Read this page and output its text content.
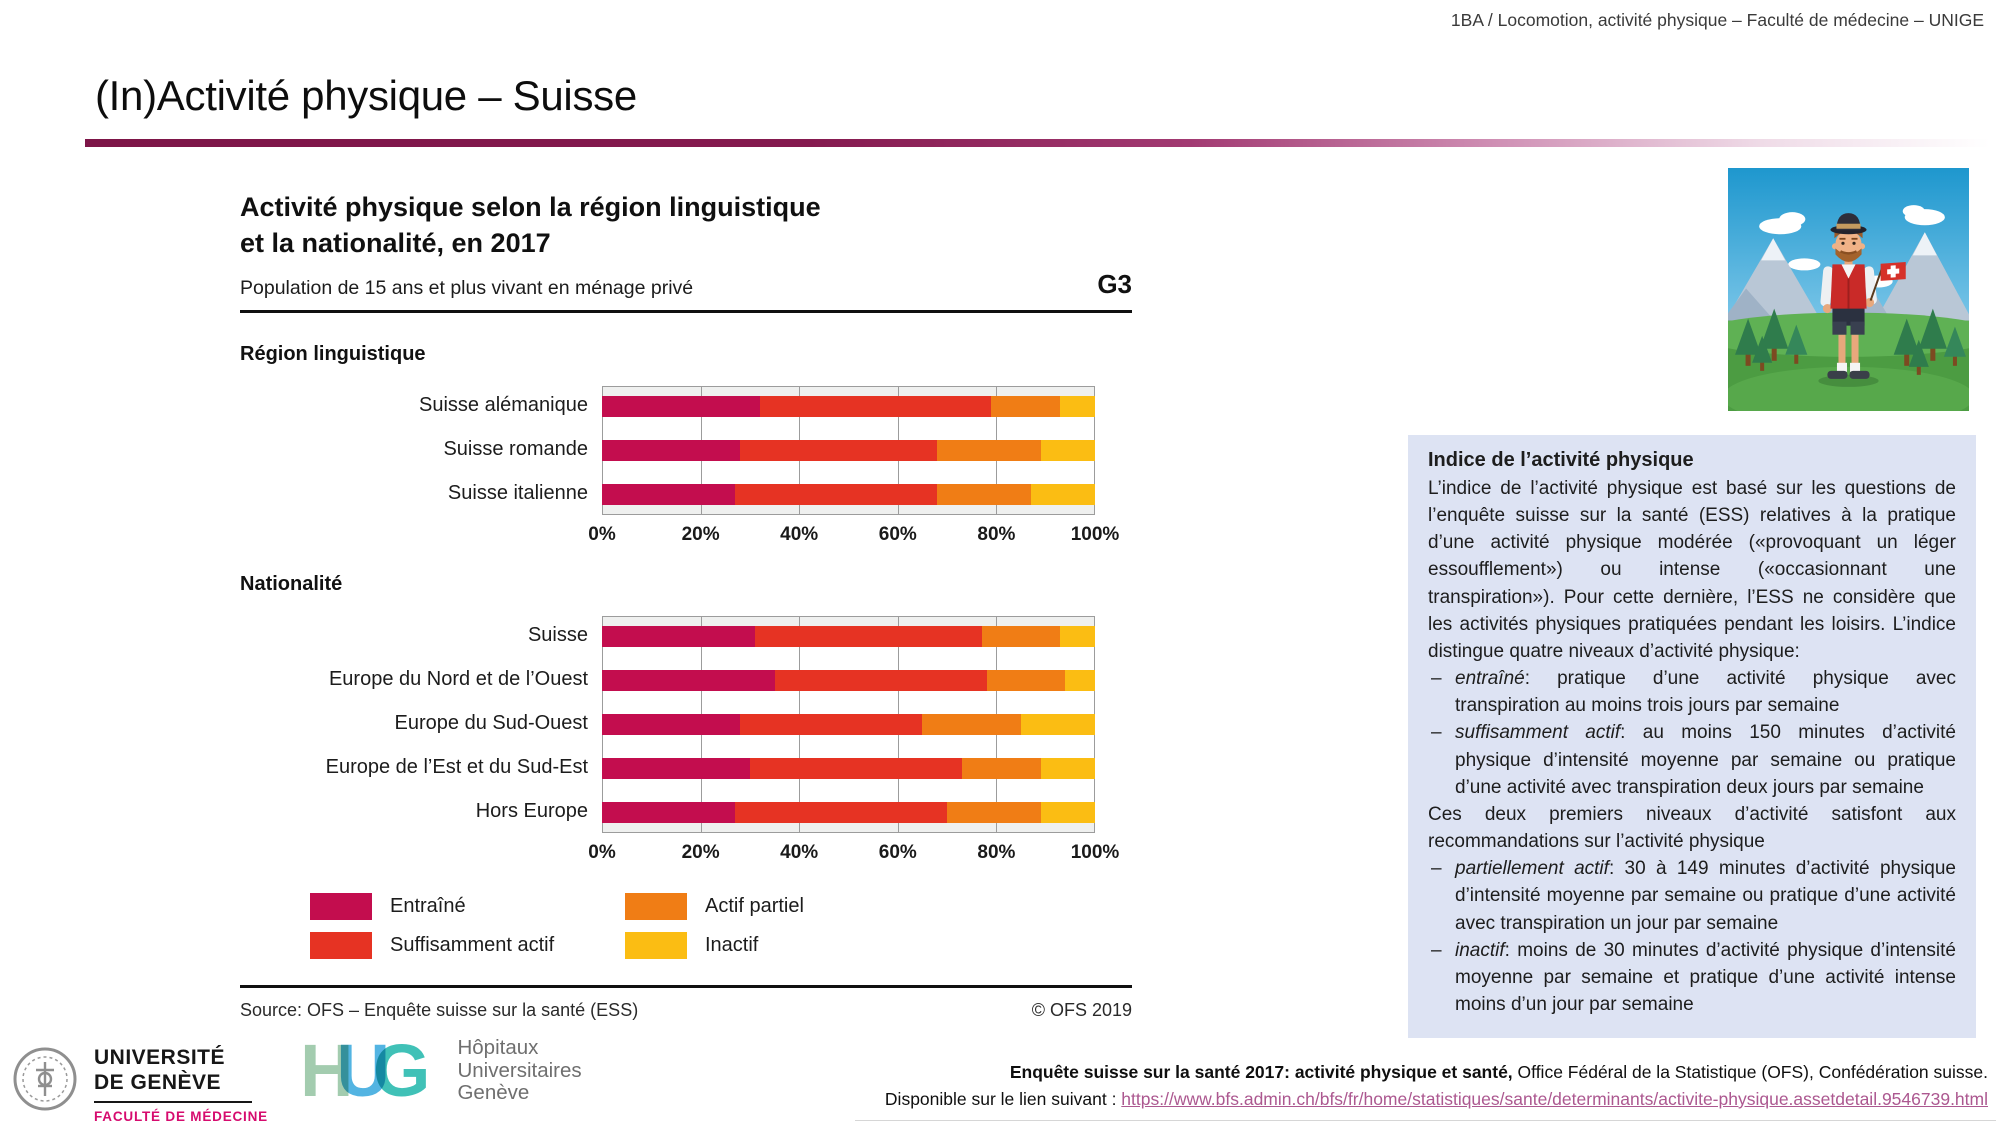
1BA / Locomotion, activité physique – Faculté de médecine – UNIGE
(In)Activité physique – Suisse
Activité physique selon la région linguistique
et la nationalité, en 2017
Population de 15 ans et plus vivant en ménage privé	G3
Région linguistique
Suisse alémanique
Suisse romande
Suisse italienne
0%	20%	40%	60%	80%	100%
Nationalité
Suisse
Europe du Nord et de l’Ouest
Europe du Sud-Ouest
Europe de l’Est et du Sud-Est
Hors Europe
0%	20%	40%	60%	80%	100%
Entraîné
Suffisamment actif
Actif partiel
Inactif
Source: OFS – Enquête suisse sur la santé (ESS)	© OFS 2019
Indice de l’activité physique
L’indice de l’activité physique est basé sur les questions de l’enquête suisse sur la santé (ESS) relatives à la pratique d’une activité physique modérée («provoquant un léger essoufflement») ou intense («occasionnant une transpiration»). Pour cette dernière, l’ESS ne considère que les activités physiques pratiquées pendant les loisirs. L’indice distingue quatre niveaux d’activité physique:
– entraîné: pratique d’une activité physique avec transpiration au moins trois jours par semaine
– suffisamment actif: au moins 150 minutes d’activité physique d’intensité moyenne par semaine ou pratique d’une activité avec transpiration deux jours par semaine
Ces deux premiers niveaux d’activité satisfont aux recommandations sur l’activité physique
– partiellement actif: 30 à 149 minutes d’activité physique d’intensité moyenne par semaine ou pratique d’une activité avec transpiration un jour par semaine
– inactif: moins de 30 minutes d’activité physique d’intensité moyenne par semaine et pratique d’une activité intense moins d’un jour par semaine
UNIVERSITÉ
DE GENÈVE
FACULTÉ DE MÉDECINE
HUG	Hôpitaux
Universitaires
Genève
Enquête suisse sur la santé 2017: activité physique et santé, Office Fédéral de la Statistique (OFS), Confédération suisse.
Disponible sur le lien suivant : https://www.bfs.admin.ch/bfs/fr/home/statistiques/sante/determinants/activite-physique.assetdetail.9546739.html
